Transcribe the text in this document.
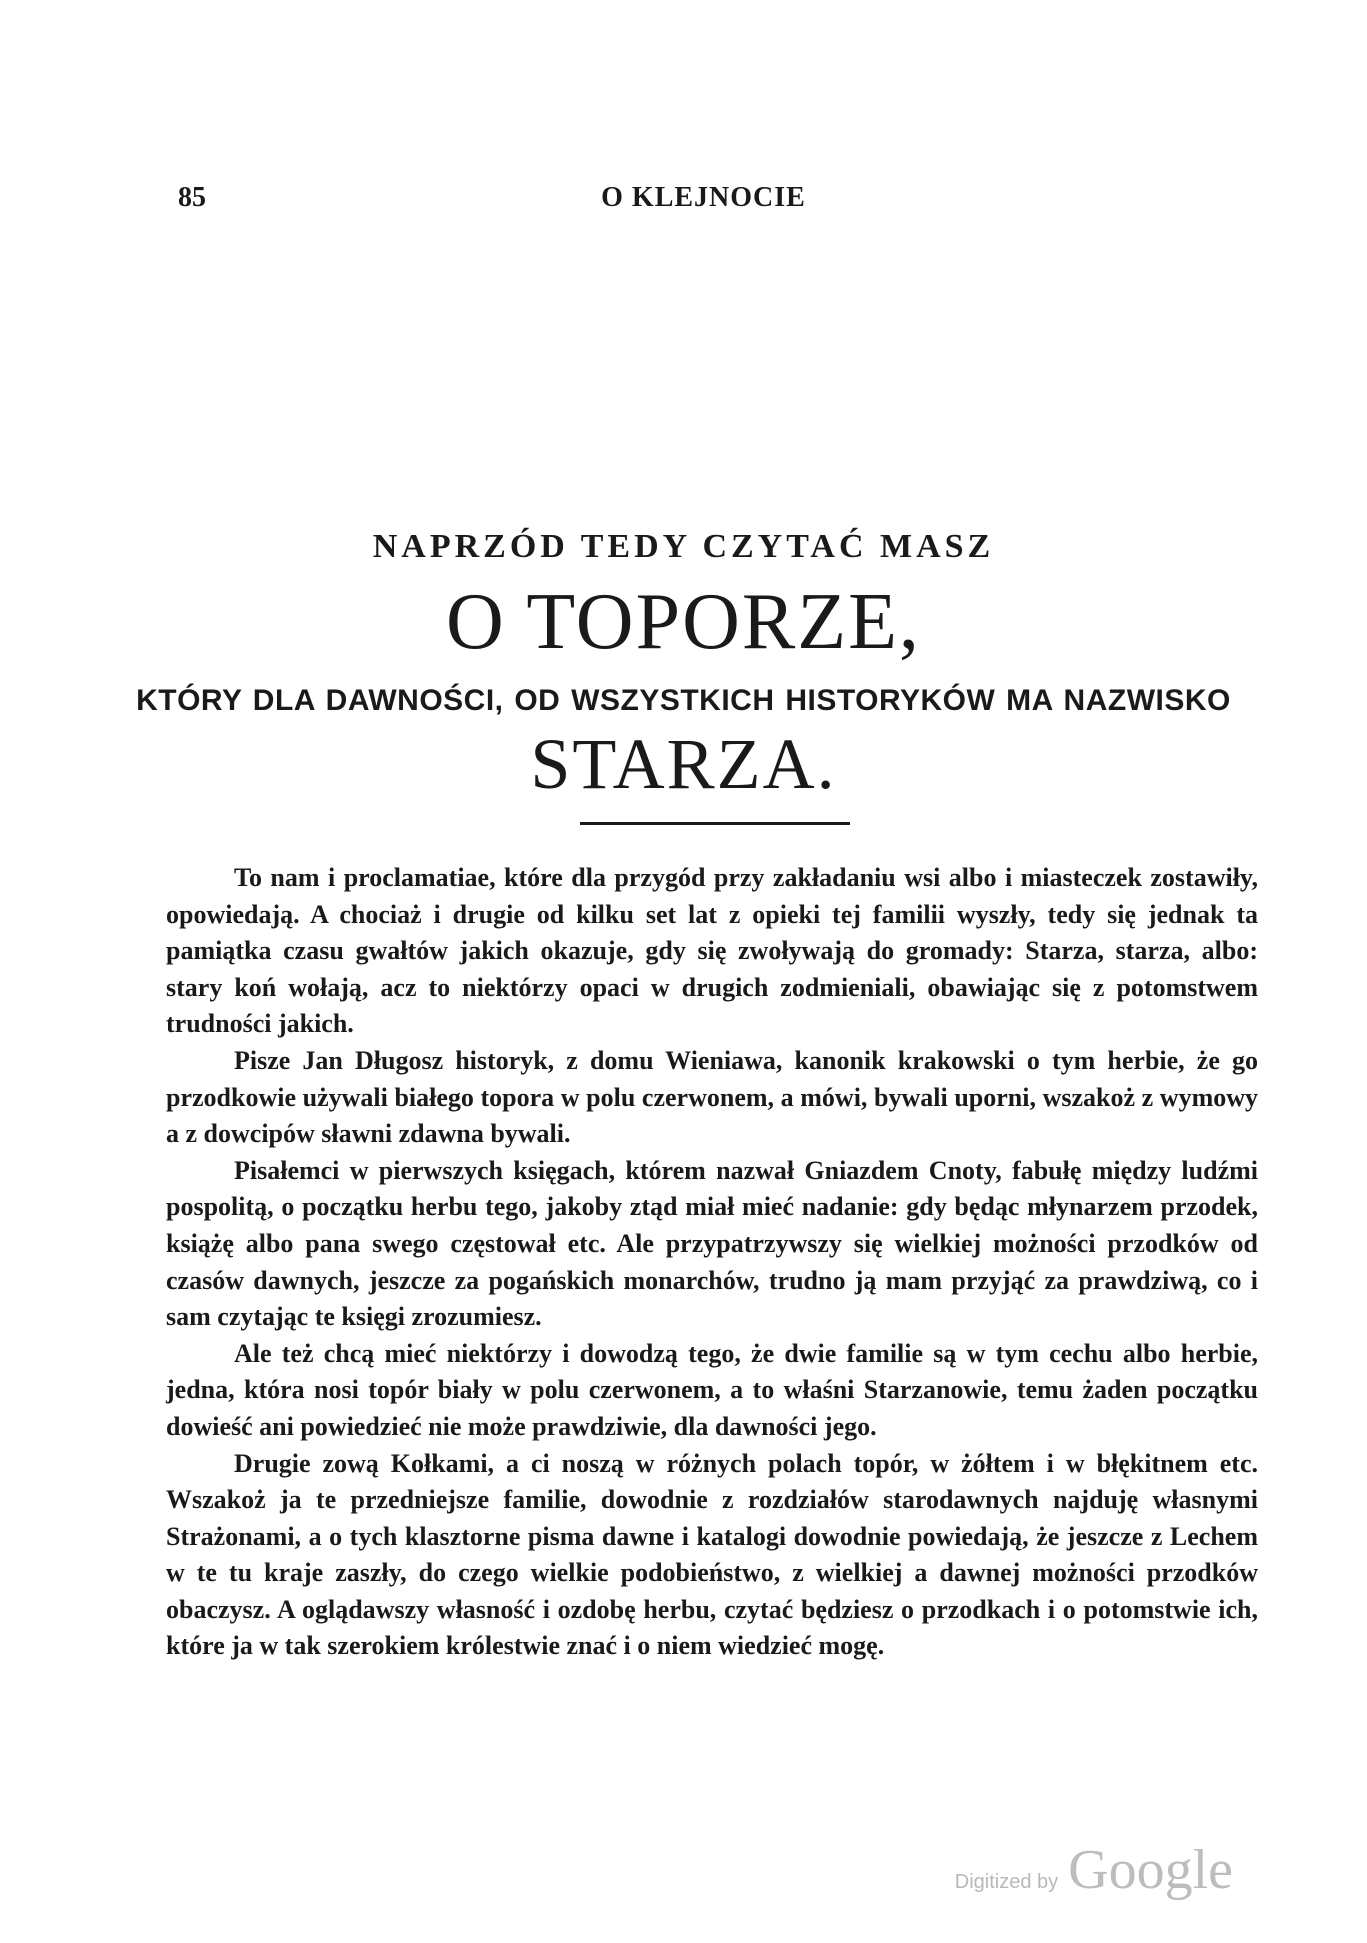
85	O KLEJNOCIE
NAPRZÓD TEDY CZYTAĆ MASZ
O TOPORZE,
KTÓRY DLA DAWNOŚCI, OD WSZYSTKICH HISTORYKÓW MA NAZWISKO
STARZA.

To nam i proclamatiae, które dla przygód przy zakładaniu wsi albo i miasteczek zostawiły, opowiedają. A chociaż i drugie od kilku set lat z opieki tej familii wyszły, tedy się jednak ta pamiątka czasu gwałtów jakich okazuje, gdy się zwoływają do gromady: Starza, starza, albo: stary koń wołają, acz to niektórzy opaci w drugich zodmieniali, obawiając się z potomstwem trudności jakich.

Pisze Jan Długosz historyk, z domu Wieniawa, kanonik krakowski o tym herbie, że go przodkowie używali białego topora w polu czerwonem, a mówi, bywali uporni, wszakoż z wymowy a z dowcipów sławni zdawna bywali.

Pisałemci w pierwszych księgach, którem nazwał Gniazdem Cnoty, fabułę między ludźmi pospolitą, o początku herbu tego, jakoby ztąd miał mieć nadanie: gdy będąc młynarzem przodek, książę albo pana swego częstował etc. Ale przypatrzywszy się wielkiej możności przodków od czasów dawnych, jeszcze za pogańskich monarchów, trudno ją mam przyjąć za prawdziwą, co i sam czytając te księgi zrozumiesz.

Ale też chcą mieć niektórzy i dowodzą tego, że dwie familie są w tym cechu albo herbie, jedna, która nosi topór biały w polu czerwonem, a to właśni Starzanowie, temu żaden początku dowieść ani powiedzieć nie może prawdziwie, dla dawności jego.

Drugie zową Kołkami, a ci noszą w różnych polach topór, w żółtem i w błękitnem etc. Wszakoż ja te przedniejsze familie, dowodnie z rozdziałów starodawnych najduję własnymi Strażonami, a o tych klasztorne pisma dawne i katalogi dowodnie powiedają, że jeszcze z Lechem w te tu kraje zaszły, do czego wielkie podobieństwo, z wielkiej a dawnej możności przodków obaczysz. A oglądawszy własność i ozdobę herbu, czytać będziesz o przodkach i o potomstwie ich, które ja w tak szerokiem królestwie znać i o niem wiedzieć mogę.

Digitized by Google
